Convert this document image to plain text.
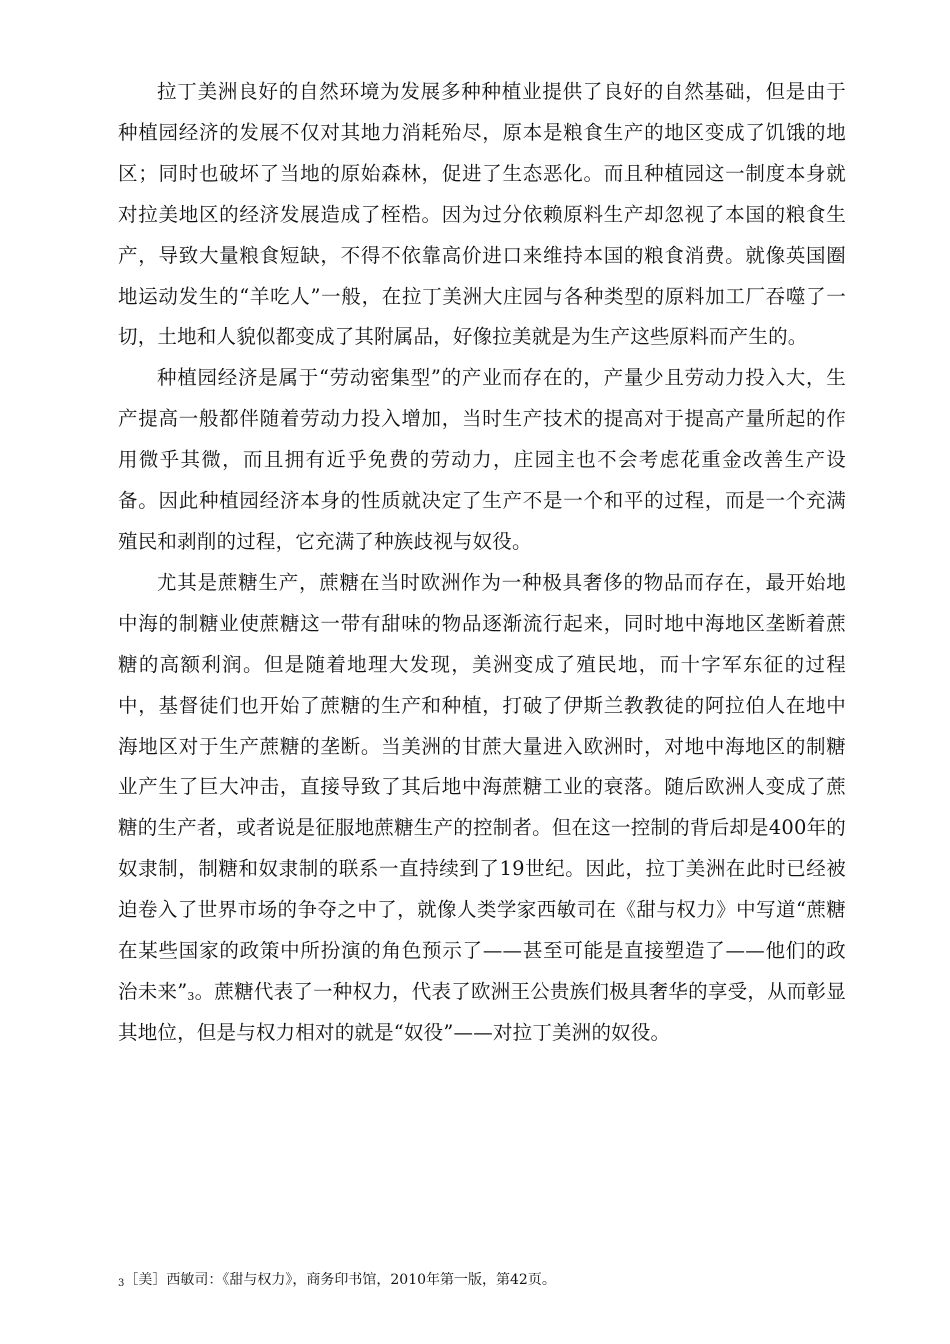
拉丁美洲良好的自然环境为发展多种种植业提供了良好的自然基础，但是由于种植园经济的发展不仅对其地力消耗殆尽，原本是粮食生产的地区变成了饥饿的地区；同时也破坏了当地的原始森林，促进了生态恶化。而且种植园这一制度本身就对拉美地区的经济发展造成了桎梏。因为过分依赖原料生产却忽视了本国的粮食生产，导致大量粮食短缺，不得不依靠高价进口来维持本国的粮食消费。就像英国圈地运动发生的“羊吃人”一般，在拉丁美洲大庄园与各种类型的原料加工厂吞噬了一切，土地和人貌似都变成了其附属品，好像拉美就是为生产这些原料而产生的。

种植园经济是属于“劳动密集型”的产业而存在的，产量少且劳动力投入大，生产提高一般都伴随着劳动力投入增加，当时生产技术的提高对于提高产量所起的作用微乎其微，而且拥有近乎免费的劳动力，庄园主也不会考虑花重金改善生产设备。因此种植园经济本身的性质就决定了生产不是一个和平的过程，而是一个充满殖民和剥削的过程，它充满了种族歧视与奴役。

尤其是蔗糖生产，蔗糖在当时欧洲作为一种极具奢侈的物品而存在，最开始地中海的制糖业使蔗糖这一带有甜味的物品逐渐流行起来，同时地中海地区垄断着蔗糖的高额利润。但是随着地理大发现，美洲变成了殖民地，而十字军东征的过程中，基督徒们也开始了蔗糖的生产和种植，打破了伊斯兰教教徒的阿拉伯人在地中海地区对于生产蔗糖的垄断。当美洲的甘蔗大量进入欧洲时，对地中海地区的制糖业产生了巨大冲击，直接导致了其后地中海蔗糖工业的衰落。随后欧洲人变成了蔗糖的生产者，或者说是征服地蔗糖生产的控制者。但在这一控制的背后却是400年的奴隶制，制糖和奴隶制的联系一直持续到了19世纪。因此，拉丁美洲在此时已经被迫卷入了世界市场的争夺之中了，就像人类学家西敏司在《甜与权力》中写道“蔗糖在某些国家的政策中所扮演的角色预示了——甚至可能是直接塑造了——他们的政治未来”$^3$。蔗糖代表了一种权力，代表了欧洲王公贵族们极具奢华的享受，从而彰显其地位，但是与权力相对的就是“奴役”——对拉丁美洲的奴役。

3［美］西敏司：《甜与权力》，商务印书馆，2010年第一版，第42页。
